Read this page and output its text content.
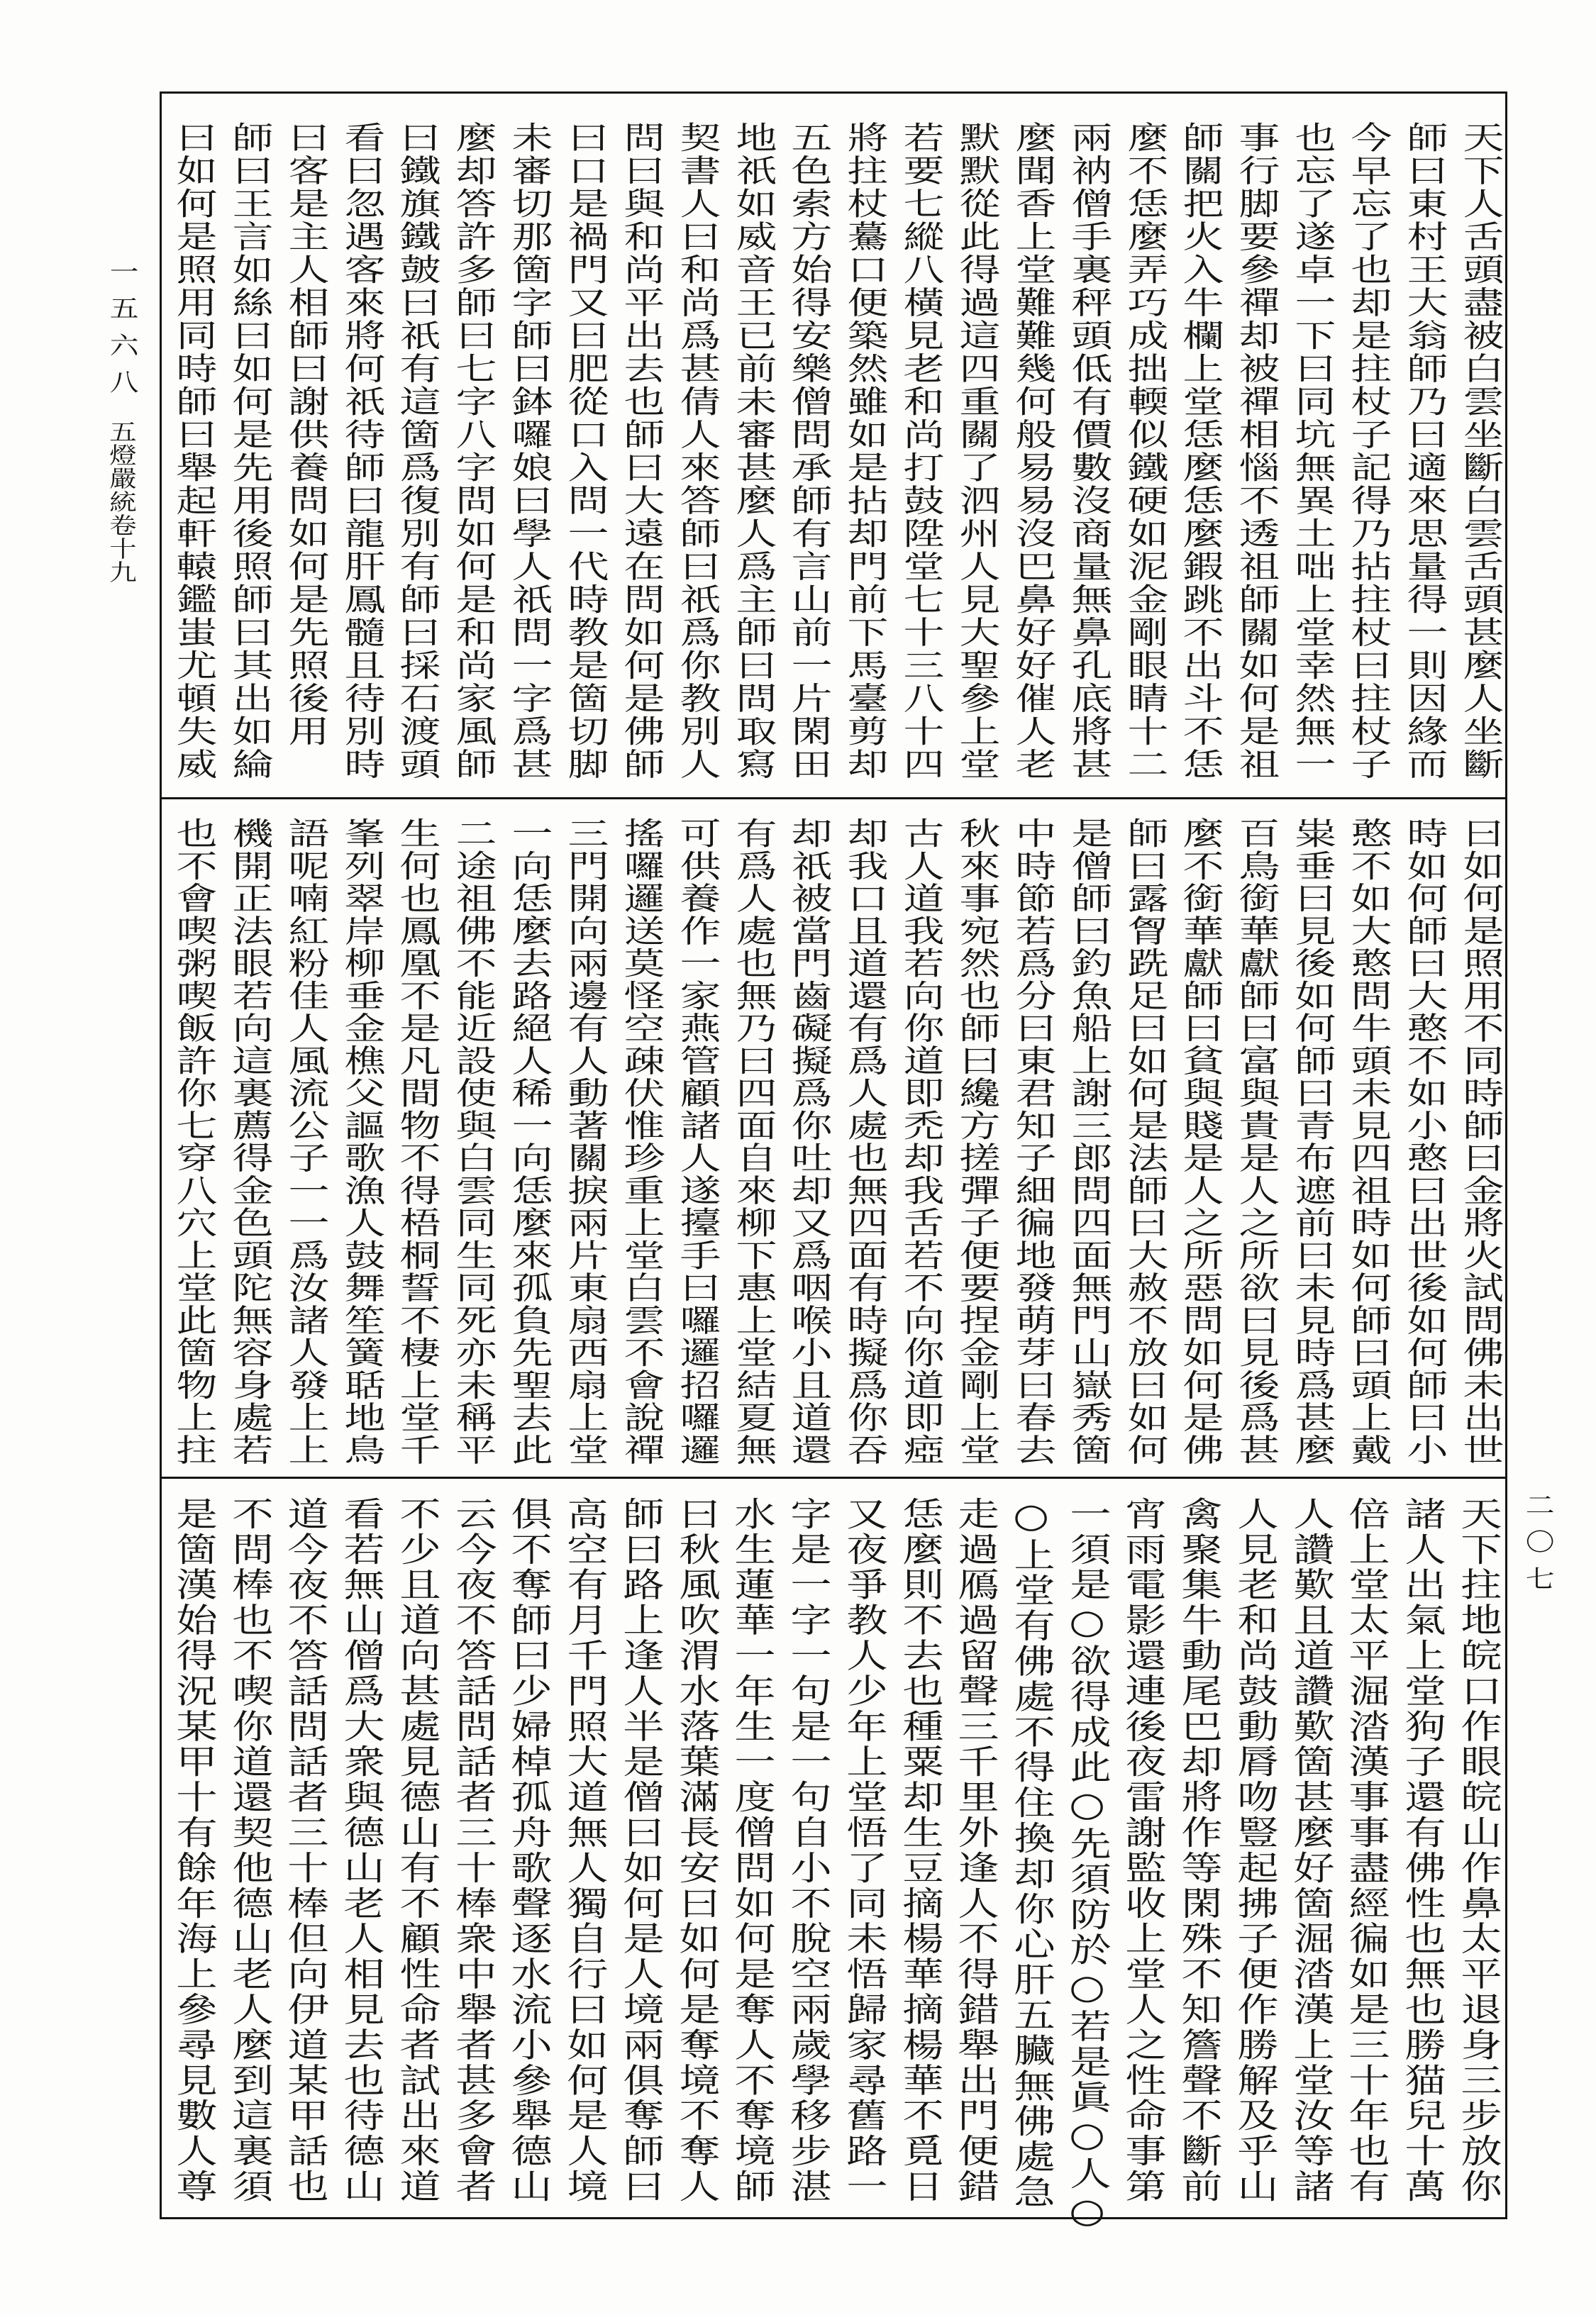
一五六八
五燈嚴統卷十九
二〇七
天下人舌頭盡被白雲坐斷白雲舌頭甚麼人坐斷
師曰東村王大翁師乃曰適來思量得一則因緣而
今早忘了也却是拄杖子記得乃拈拄杖曰拄杖子
也忘了遂卓一下曰同坑無異土咄上堂幸然無一
事行脚要參禪却被禪相惱不透祖師關如何是祖
師關把火入牛欄上堂恁麼恁麼鍜跳不出斗不恁
麼不恁麼弄巧成拙輭似鐵硬如泥金剛眼睛十二
兩衲僧手裏秤頭低有價數沒商量無鼻孔底將甚
麼聞香上堂難難幾何般易易沒巴鼻好好催人老
默默從此得過這四重關了泗州人見大聖參上堂
若要七縱八橫見老和尚打鼓陞堂七十三八十四
將拄杖驀口便築然雖如是拈却門前下馬臺剪却
五色索方始得安樂僧問承師有言山前一片閑田
地祇如威音王已前未審甚麼人爲主師曰問取寫
契書人曰和尚爲甚倩人來答師曰祇爲你教別人
問曰與和尚平出去也師曰大遠在問如何是佛師
曰口是禍門又曰肥從口入問一代時教是箇切脚
未審切那箇字師曰鉢囉娘曰學人祇問一字爲甚
麼却答許多師曰七字八字問如何是和尚家風師
曰鐵旗鐵皷曰祇有這箇爲復別有師曰採石渡頭
看曰忽遇客來將何祇待師曰龍肝鳳髓且待別時
曰客是主人相師曰謝供養問如何是先照後用
師曰王言如絲曰如何是先用後照師曰其出如綸
曰如何是照用同時師曰舉起軒轅鑑蚩尤頓失威
曰如何是照用不同時師曰金將火試問佛未出世
時如何師曰大憨不如小憨曰出世後如何師曰小
憨不如大憨問牛頭未見四祖時如何師曰頭上戴
粜垂曰見後如何師曰青布遮前曰未見時爲甚麼
百鳥銜華獻師曰富與貴是人之所欲曰見後爲甚
麼不銜華獻師曰貧與賤是人之所惡問如何是佛
師曰露胷跣足曰如何是法師曰大赦不放曰如何
是僧師曰釣魚船上謝三郎問四面無門山嶽秀箇
中時節若爲分曰東君知子細徧地發萌芽曰春去
秋來事宛然也師曰纔方搓彈子便要捏金剛上堂
古人道我若向你道即禿却我舌若不向你道即瘂
却我口且道還有爲人處也無四面有時擬爲你吞
却祇被當門齒礙擬爲你吐却又爲咽喉小且道還
有爲人處也無乃曰四面自來柳下惠上堂結夏無
可供養作一家燕管顧諸人遂擡手曰囉邏招囉邏
搖囉邏送莫怪空疎伏惟珍重上堂白雲不會說禪
三門開向兩邊有人動著關捩兩片東扇西扇上堂
一向恁麼去路絕人稀一向恁麼來孤負先聖去此
二途祖佛不能近設使與白雲同生同死亦未稱平
生何也鳳凰不是凡間物不得梧桐誓不棲上堂千
峯列翠岸柳垂金樵父謳歌漁人鼓舞笙簧聒地鳥
語呢喃紅粉佳人風流公子一一爲汝諸人發上上
機開正法眼若向這裏薦得金色頭陀無容身處若
也不會喫粥喫飯許你七穿八穴上堂此箇物上拄
天下拄地皖口作眼皖山作鼻太平退身三步放你
諸人出氣上堂狗子還有佛性也無也勝猫兒十萬
倍上堂太平淈涾漢事事盡經徧如是三十年也有
人讚歎且道讚歎箇甚麼好箇淈涾漢上堂汝等諸
人見老和尚鼓動脣吻豎起拂子便作勝解及乎山
禽聚集牛動尾巴却將作等閑殊不知簷聲不斷前
宵雨電影還連後夜雷謝監收上堂人之性命事第
一須是○欲得成此○先須防於○若是眞○人○
○上堂有佛處不得住換却你心肝五臟無佛處急
走過鴈過留聲三千里外逢人不得錯舉出門便錯
恁麼則不去也種粟却生豆摘楊華摘楊華不覓日
又夜爭教人少年上堂悟了同未悟歸家尋舊路一
字是一字一句是一句自小不脫空兩歲學移步湛
水生蓮華一年生一度僧問如何是奪人不奪境師
曰秋風吹渭水落葉滿長安曰如何是奪境不奪人
師曰路上逢人半是僧曰如何是人境兩俱奪師曰
高空有月千門照大道無人獨自行曰如何是人境
俱不奪師曰少婦棹孤舟歌聲逐水流小參舉德山
云今夜不答話問話者三十棒衆中舉者甚多會者
不少且道向甚處見德山有不顧性命者試出來道
看若無山僧爲大衆與德山老人相見去也待德山
道今夜不答話問話者三十棒但向伊道某甲話也
不問棒也不喫你道還契他德山老人麼到這裏須
是箇漢始得況某甲十有餘年海上參尋見數人尊
